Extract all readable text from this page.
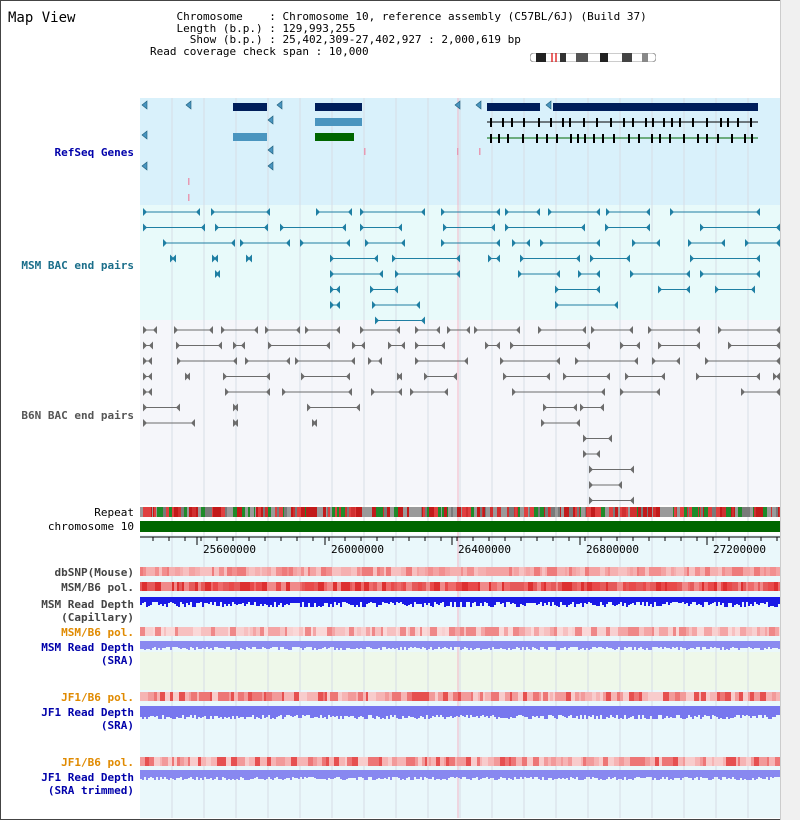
Map View	Chromosome    : Chromosome 10, reference assembly (C57BL/6J) (Build 37)
Length (b.p.) : 129,993,255
Show (b.p.) : 25,402,309-27,402,927 : 2,000,619 bp
Read coverage check span : 10,000
25600000	26000000	26400000	26800000	27200000
RefSeq Genes
MSM BAC end pairs
B6N BAC end pairs
Repeat
chromosome 10
dbSNP(Mouse)
MSM/B6 pol.
MSM Read Depth
(Capillary)
MSM/B6 pol.
MSM Read Depth
(SRA)
JF1/B6 pol.
JF1 Read Depth
(SRA)
JF1/B6 pol.
JF1 Read Depth
(SRA trimmed)
